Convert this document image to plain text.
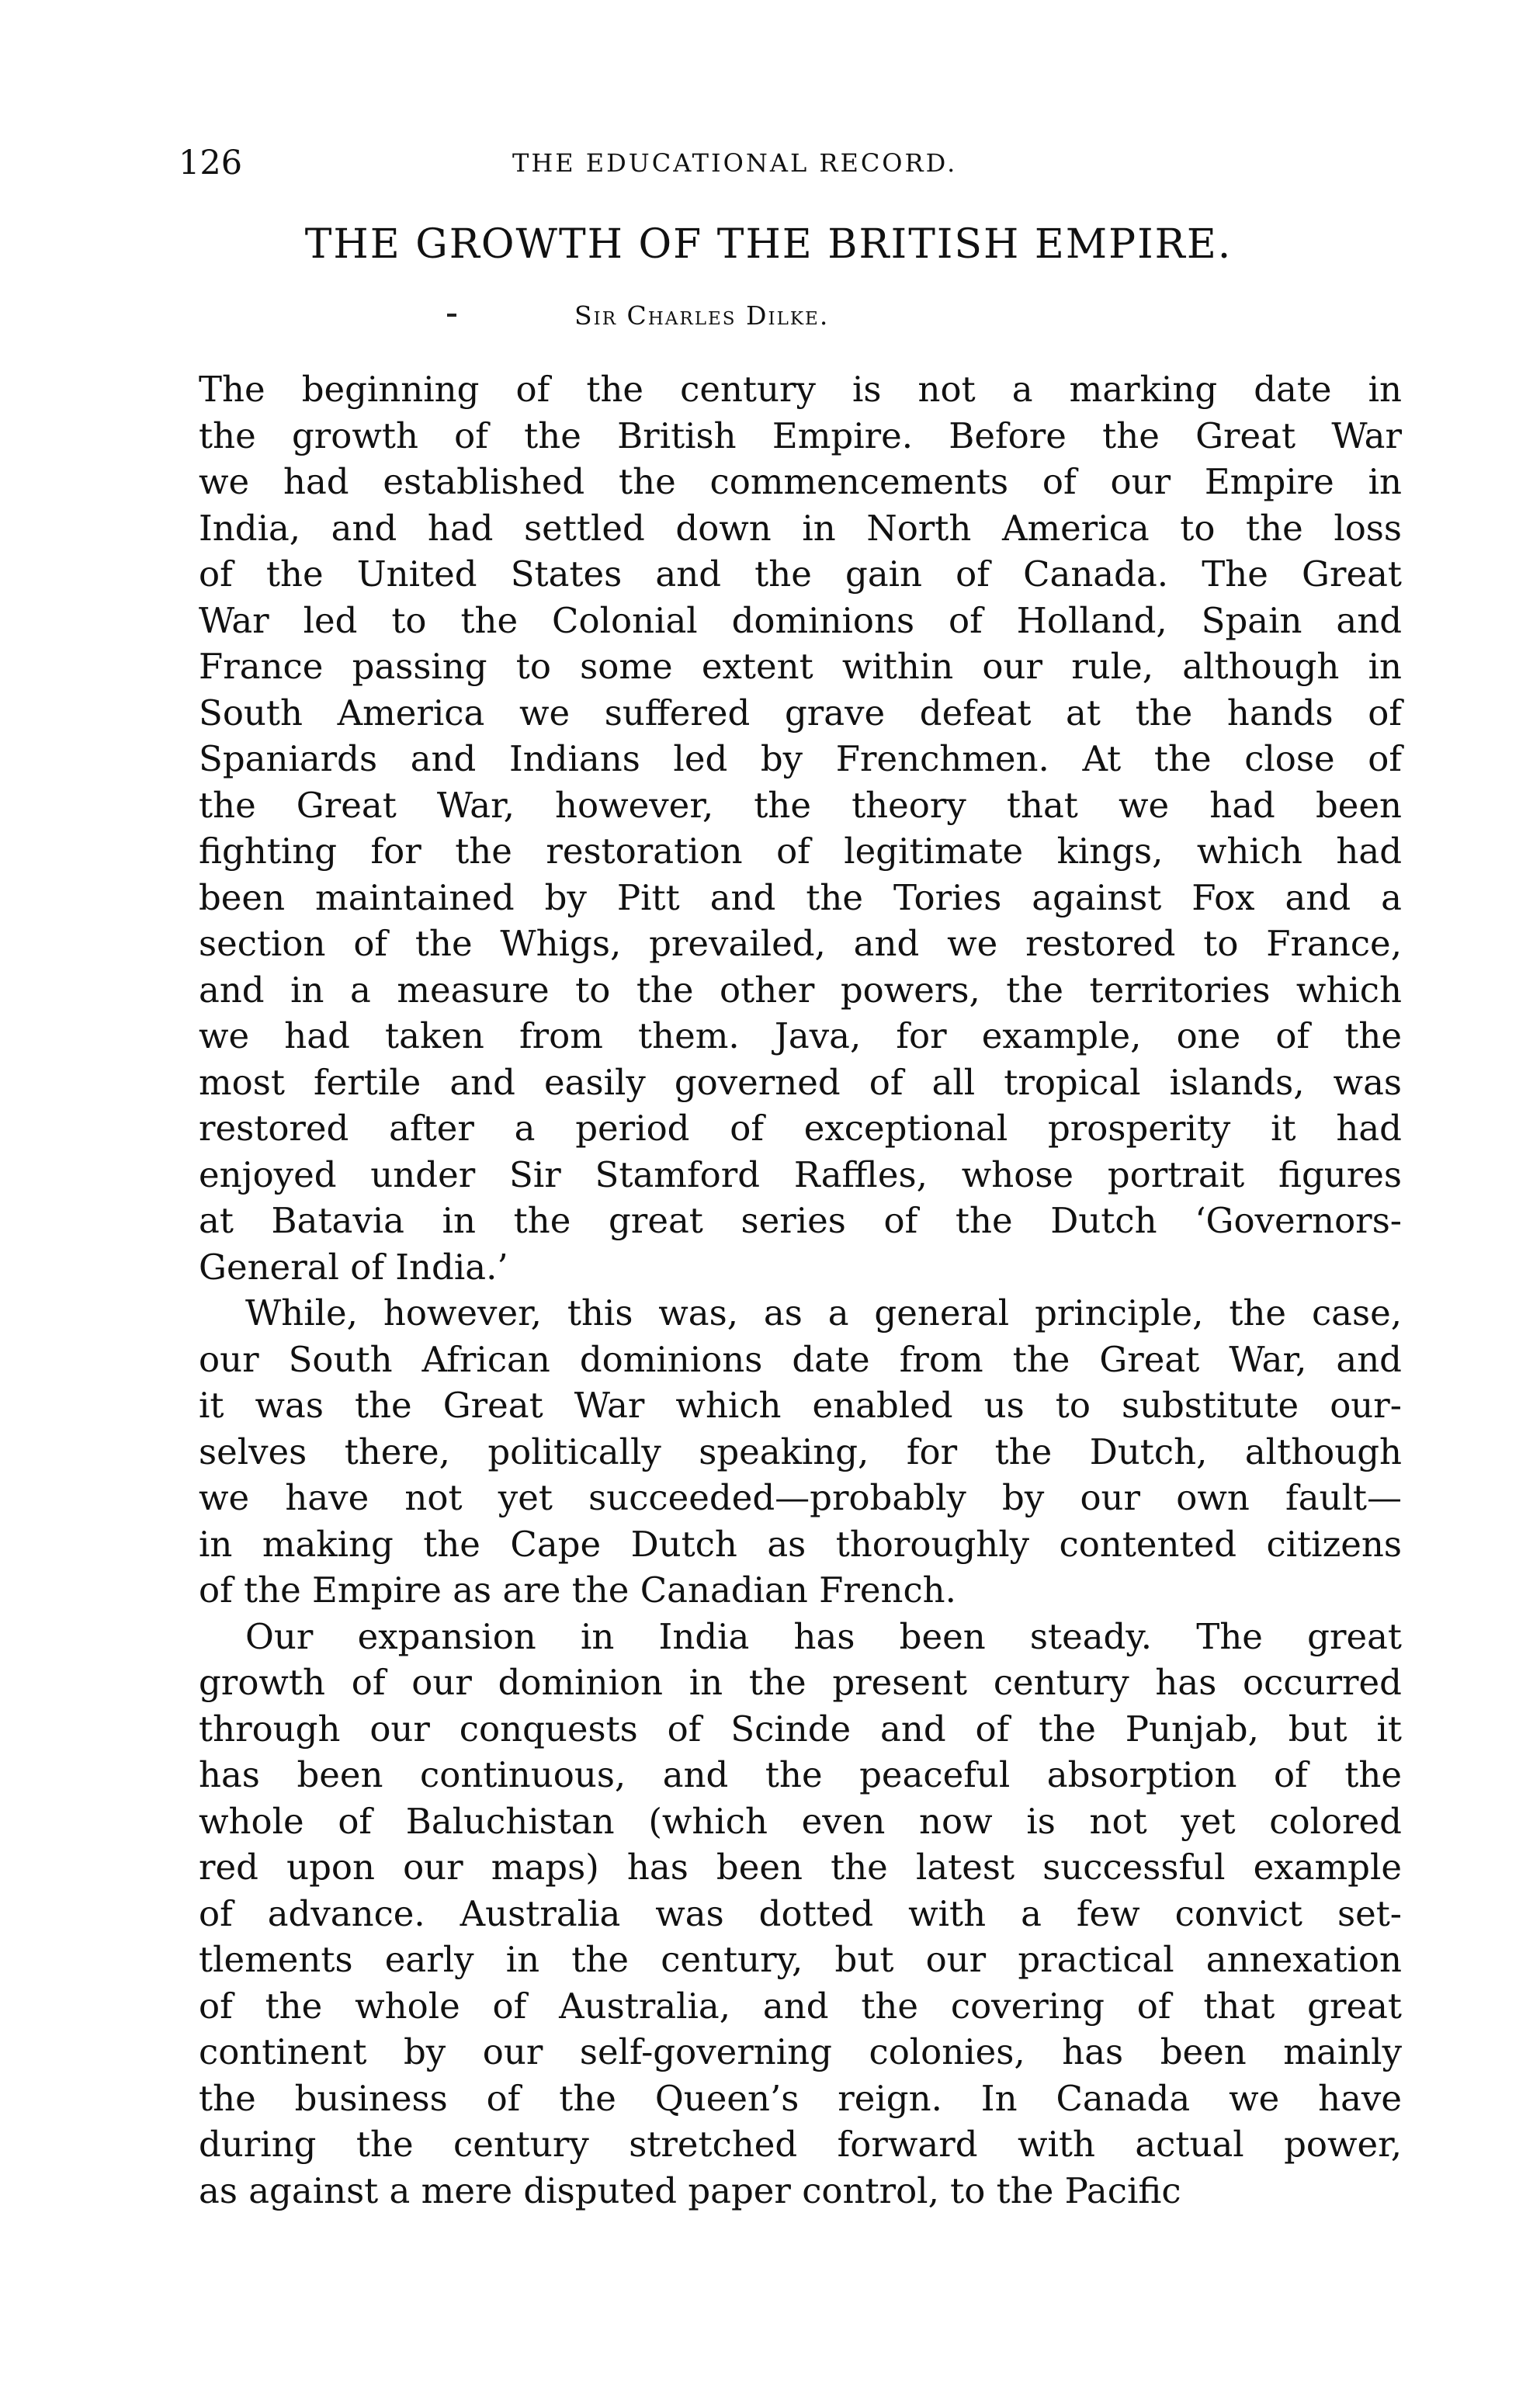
126	THE EDUCATIONAL RECORD.
THE GROWTH OF THE BRITISH EMPIRE.
Sir Charles Dilke.
The beginning of the century is not a marking date in
the growth of the British Empire. Before the Great War
we had established the commencements of our Empire in
India, and had settled down in North America to the loss
of the United States and the gain of Canada. The Great
War led to the Colonial dominions of Holland, Spain and
France passing to some extent within our rule, although in
South America we suffered grave defeat at the hands of
Spaniards and Indians led by Frenchmen. At the close of
the Great War, however, the theory that we had been
fighting for the restoration of legitimate kings, which had
been maintained by Pitt and the Tories against Fox and a
section of the Whigs, prevailed, and we restored to France,
and in a measure to the other powers, the territories which
we had taken from them. Java, for example, one of the
most fertile and easily governed of all tropical islands, was
restored after a period of exceptional prosperity it had
enjoyed under Sir Stamford Raffles, whose portrait figures
at Batavia in the great series of the Dutch ‘Governors-
General of India.’
While, however, this was, as a general principle, the case,
our South African dominions date from the Great War, and
it was the Great War which enabled us to substitute our-
selves there, politically speaking, for the Dutch, although
we have not yet succeeded—probably by our own fault—
in making the Cape Dutch as thoroughly contented citizens
of the Empire as are the Canadian French.
Our expansion in India has been steady. The great
growth of our dominion in the present century has occurred
through our conquests of Scinde and of the Punjab, but it
has been continuous, and the peaceful absorption of the
whole of Baluchistan (which even now is not yet colored
red upon our maps) has been the latest successful example
of advance. Australia was dotted with a few convict set-
tlements early in the century, but our practical annexation
of the whole of Australia, and the covering of that great
continent by our self-governing colonies, has been mainly
the business of the Queen’s reign. In Canada we have
during the century stretched forward with actual power,
as against a mere disputed paper control, to the Pacific
